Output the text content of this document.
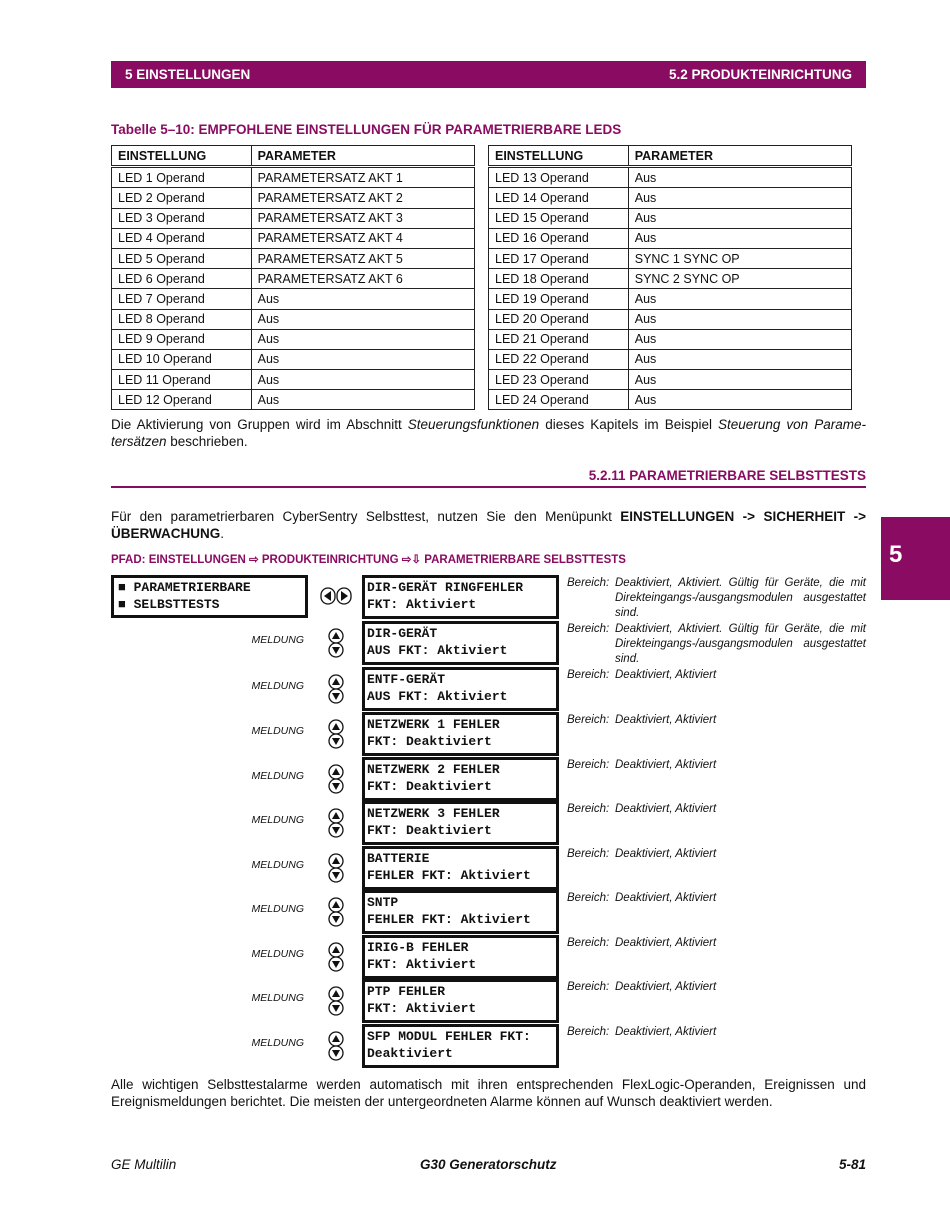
5 EINSTELLUNGEN	5.2 PRODUKTEINRICHTUNG
Tabelle 5–10: EMPFOHLENE EINSTELLUNGEN FÜR PARAMETRIERBARE LEDS
EINSTELLUNG	PARAMETER
LED 1 Operand	PARAMETERSATZ AKT 1
LED 2 Operand	PARAMETERSATZ AKT 2
LED 3 Operand	PARAMETERSATZ AKT 3
LED 4 Operand	PARAMETERSATZ AKT 4
LED 5 Operand	PARAMETERSATZ AKT 5
LED 6 Operand	PARAMETERSATZ AKT 6
LED 7 Operand	Aus
LED 8 Operand	Aus
LED 9 Operand	Aus
LED 10 Operand	Aus
LED 11 Operand	Aus
LED 12 Operand	Aus
EINSTELLUNG	PARAMETER
LED 13 Operand	Aus
LED 14 Operand	Aus
LED 15 Operand	Aus
LED 16 Operand	Aus
LED 17 Operand	SYNC 1 SYNC OP
LED 18 Operand	SYNC 2 SYNC OP
LED 19 Operand	Aus
LED 20 Operand	Aus
LED 21 Operand	Aus
LED 22 Operand	Aus
LED 23 Operand	Aus
LED 24 Operand	Aus
Die Aktivierung von Gruppen wird im Abschnitt Steuerungsfunktionen dieses Kapitels im Beispiel Steuerung von Parame-tersätzen beschrieben.
5.2.11 PARAMETRIERBARE SELBSTTESTS
Für den parametrierbaren CyberSentry Selbsttest, nutzen Sie den Menüpunkt EINSTELLUNGEN -> SICHERHEIT -> ÜBERWACHUNG.
5
PFAD: EINSTELLUNGEN ⇨ PRODUKTEINRICHTUNG ⇨⇩ PARAMETRIERBARE SELBSTTESTS
■ PARAMETRIERBARE
■ SELBSTTESTS
DIR-GERÄT RINGFEHLER
FKT: Aktiviert
Bereich: Deaktiviert, Aktiviert. Gültig für Geräte, die mit Direkteingangs-/ausgangsmodulen ausgestattet sind.
DIR-GERÄT
AUS FKT: Aktiviert
MELDUNG
Bereich: Deaktiviert, Aktiviert. Gültig für Geräte, die mit Direkteingangs-/ausgangsmodulen ausgestattet sind.
ENTF-GERÄT
AUS FKT: Aktiviert
MELDUNG
Bereich: Deaktiviert, Aktiviert
NETZWERK 1 FEHLER
FKT: Deaktiviert
MELDUNG
Bereich: Deaktiviert, Aktiviert
NETZWERK 2 FEHLER
FKT: Deaktiviert
MELDUNG
Bereich: Deaktiviert, Aktiviert
NETZWERK 3 FEHLER
FKT: Deaktiviert
MELDUNG
Bereich: Deaktiviert, Aktiviert
BATTERIE
FEHLER FKT: Aktiviert
MELDUNG
Bereich: Deaktiviert, Aktiviert
SNTP
FEHLER FKT: Aktiviert
MELDUNG
Bereich: Deaktiviert, Aktiviert
IRIG-B FEHLER
FKT: Aktiviert
MELDUNG
Bereich: Deaktiviert, Aktiviert
PTP FEHLER
FKT: Aktiviert
MELDUNG
Bereich: Deaktiviert, Aktiviert
SFP MODUL FEHLER FKT:
Deaktiviert
MELDUNG
Bereich: Deaktiviert, Aktiviert
Alle wichtigen Selbsttestalarme werden automatisch mit ihren entsprechenden FlexLogic-Operanden, Ereignissen und Ereignismeldungen berichtet. Die meisten der untergeordneten Alarme können auf Wunsch deaktiviert werden.
GE Multilin	G30 Generatorschutz	5-81
